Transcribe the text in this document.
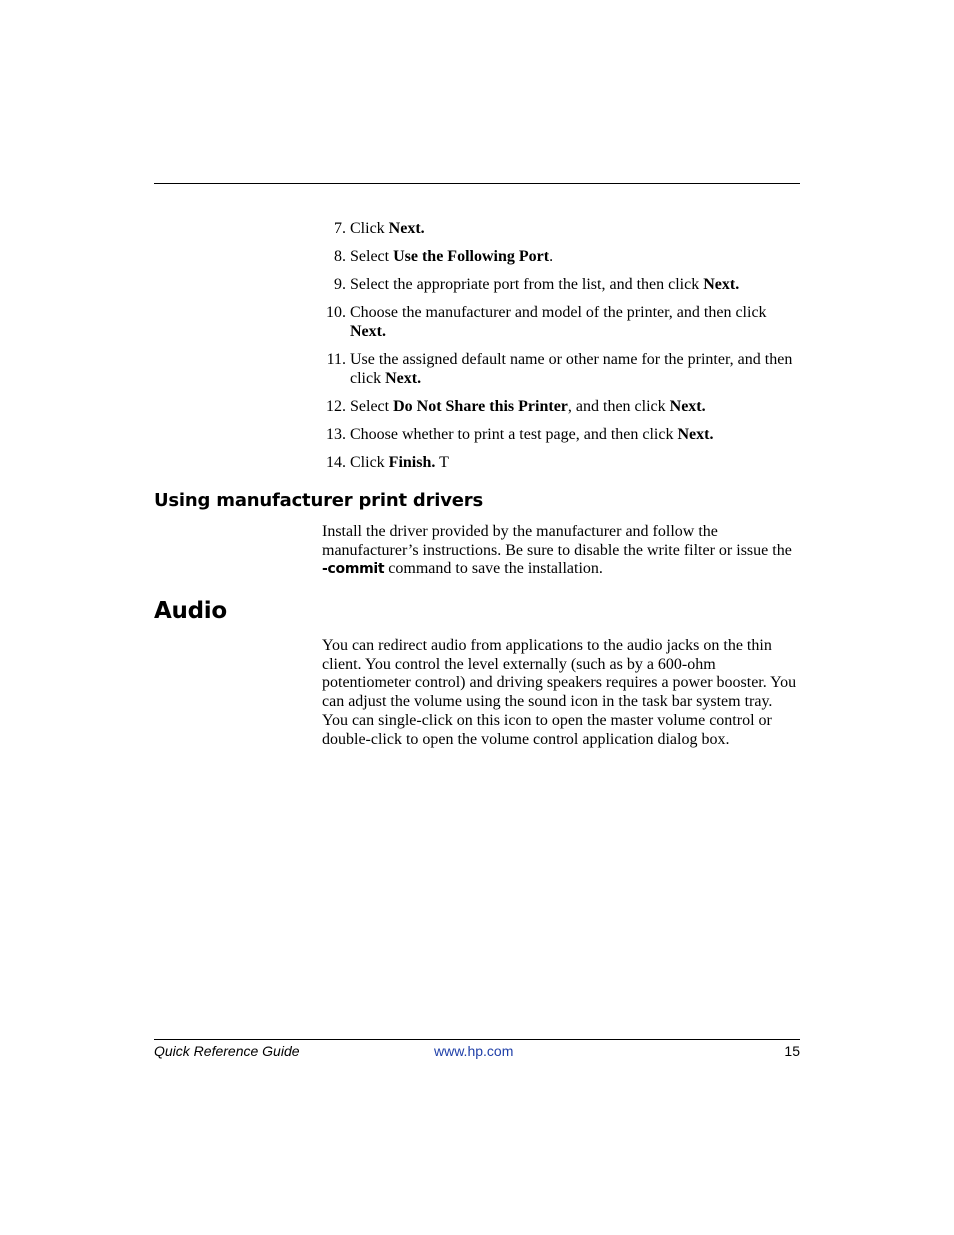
7. Click Next.
8. Select Use the Following Port.
9. Select the appropriate port from the list, and then click Next.
10. Choose the manufacturer and model of the printer, and then click Next.
11. Use the assigned default name or other name for the printer, and then click Next.
12. Select Do Not Share this Printer, and then click Next.
13. Choose whether to print a test page, and then click Next.
14. Click Finish. T
Using manufacturer print drivers

Install the driver provided by the manufacturer and follow the manufacturer’s instructions. Be sure to disable the write filter or issue the -commit command to save the installation.

Audio

You can redirect audio from applications to the audio jacks on the thin client. You control the level externally (such as by a 600-ohm potentiometer control) and driving speakers requires a power booster. You can adjust the volume using the sound icon in the task bar system tray. You can single-click on this icon to open the master volume control or double-click to open the volume control application dialog box.

Quick Reference Guide	www.hp.com	15
